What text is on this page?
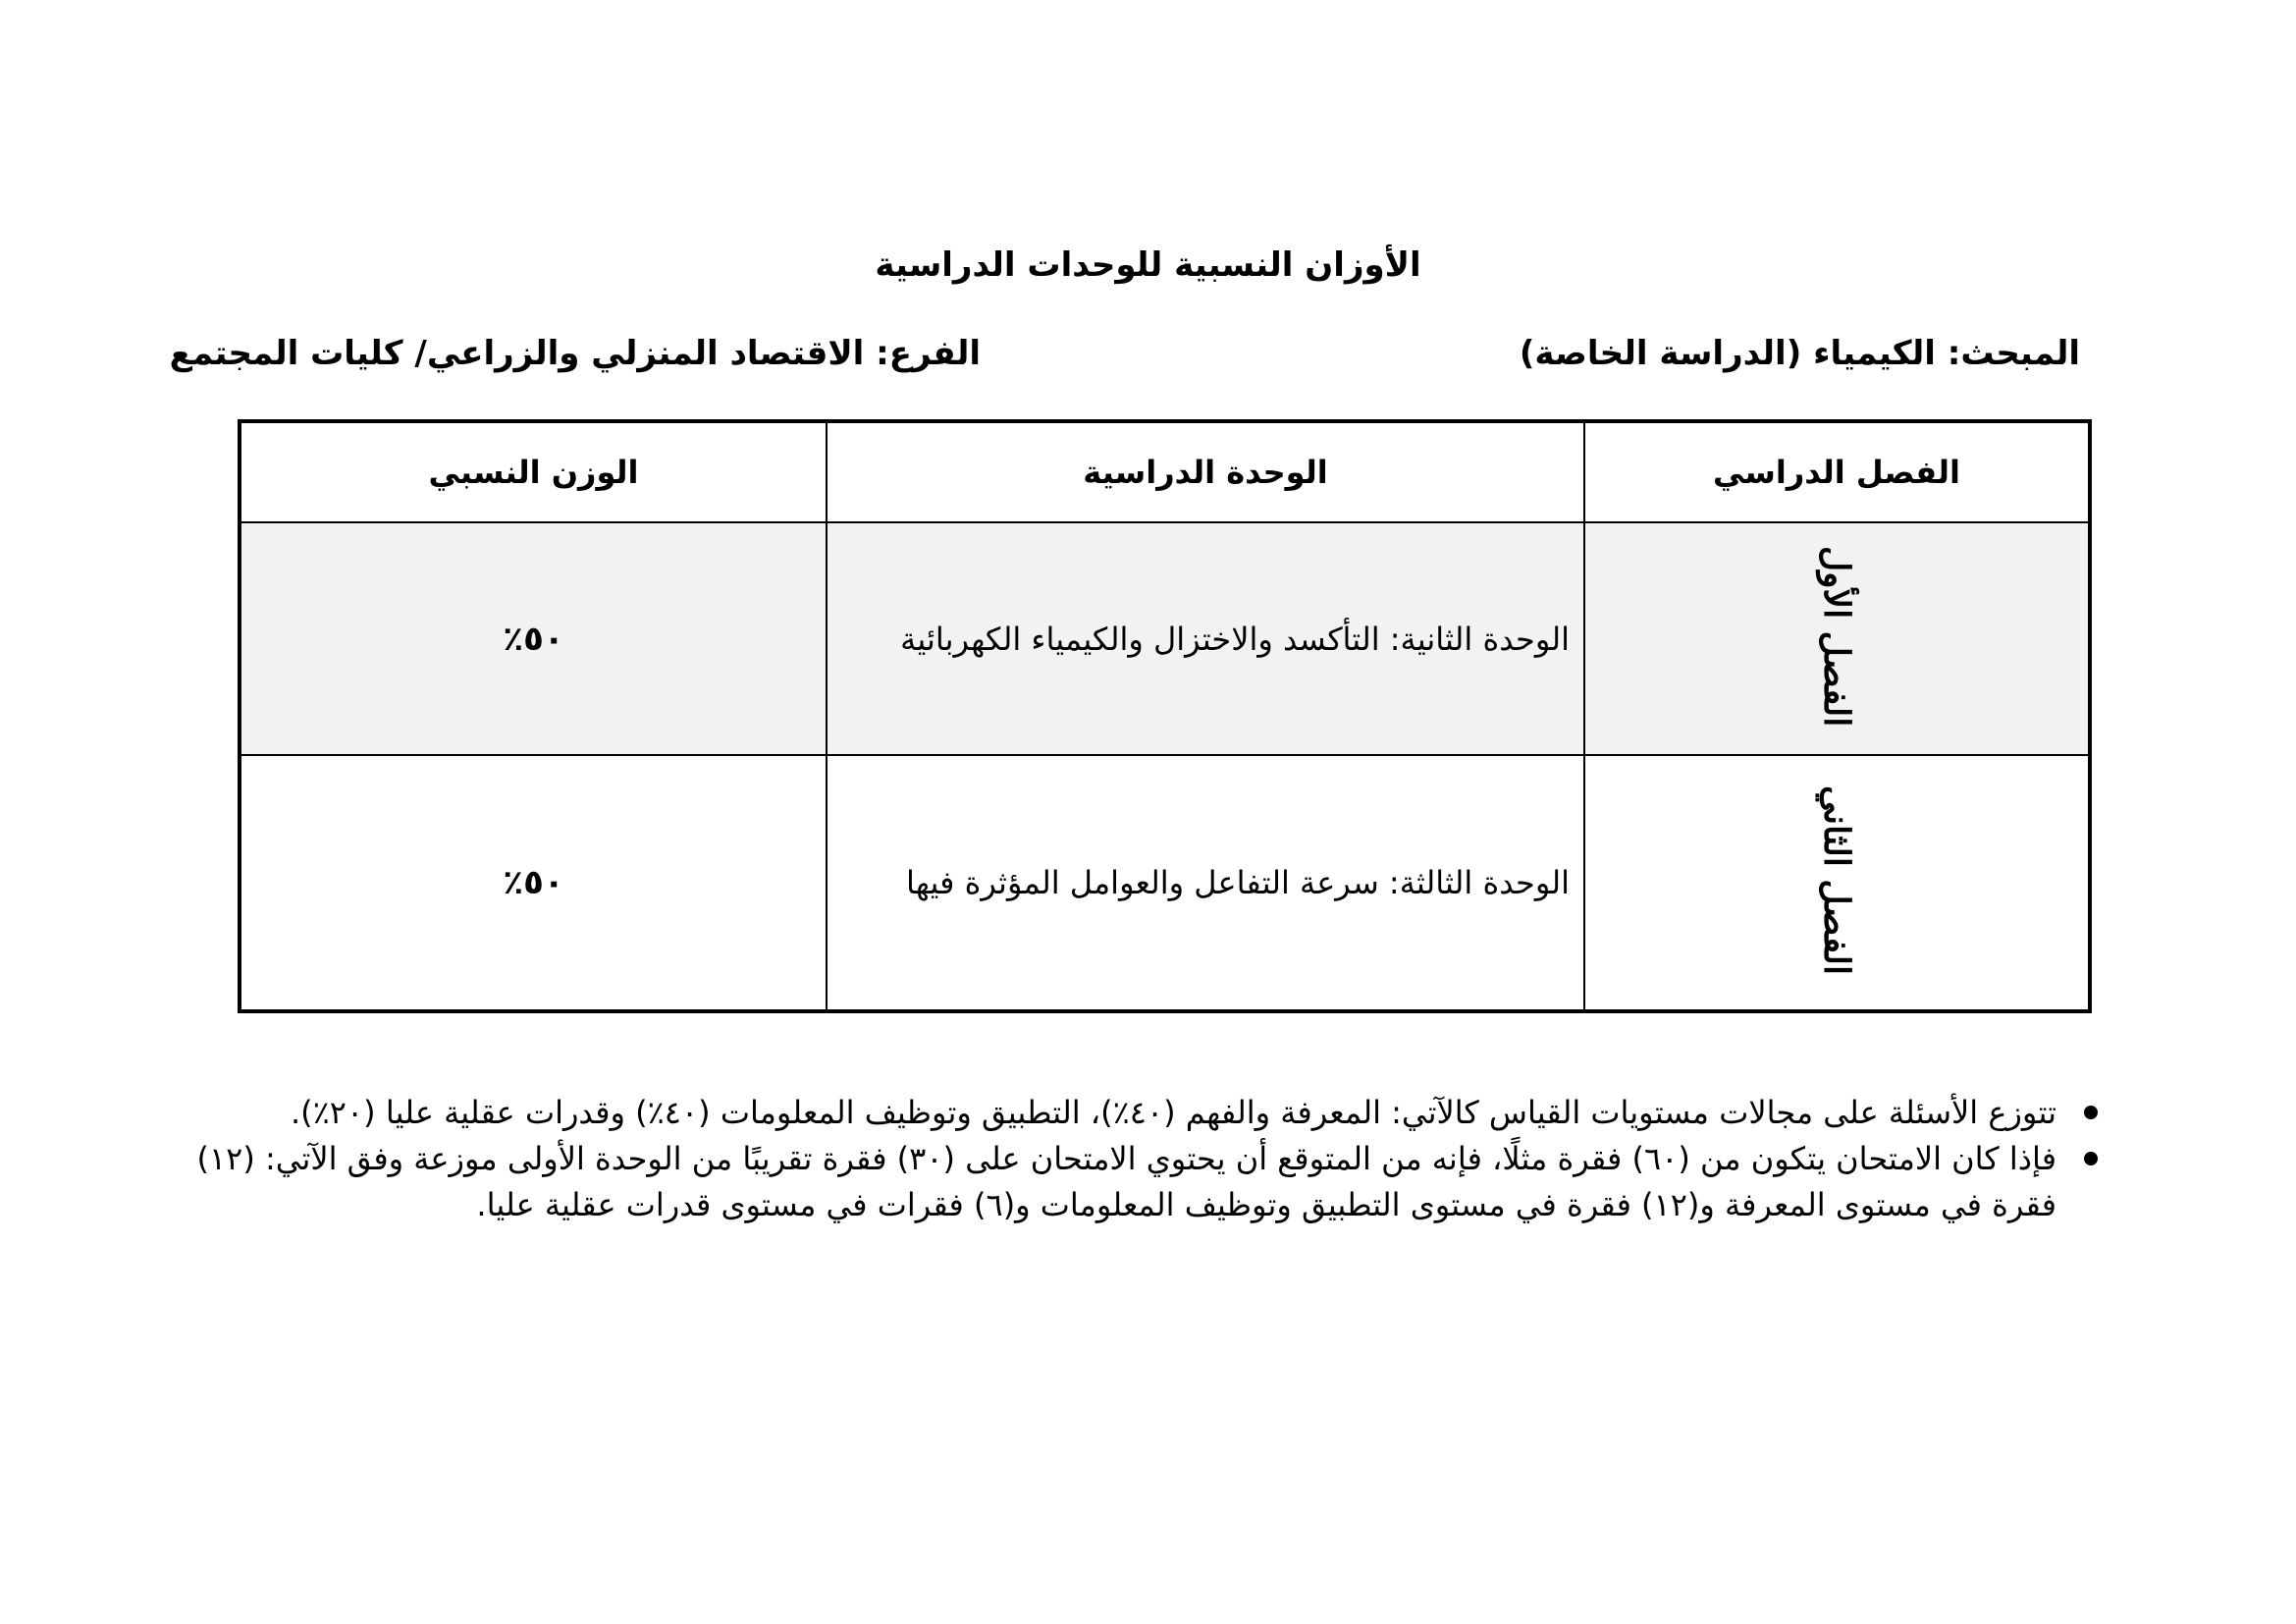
الأوزان النسبية للوحدات الدراسية
المبحث: الكيمياء (الدراسة الخاصة)
الفرع: الاقتصاد المنزلي والزراعي/ كليات المجتمع
الفصل الدراسي	الوحدة الدراسية	الوزن النسبي
الفصل الأول	الوحدة الثانية: التأكسد والاختزال والكيمياء الكهربائية	٥٠٪
الفصل الثاني	الوحدة الثالثة: سرعة التفاعل والعوامل المؤثرة فيها	٥٠٪
تتوزع الأسئلة على مجالات مستويات القياس كالآتي: المعرفة والفهم (٤٠٪)، التطبيق وتوظيف المعلومات (٤٠٪) وقدرات عقلية عليا (٢٠٪).
فإذا كان الامتحان يتكون من (٦٠) فقرة مثلًا، فإنه من المتوقع أن يحتوي الامتحان على (٣٠) فقرة تقريبًا من الوحدة الأولى موزعة وفق الآتي: (١٢) فقرة في مستوى المعرفة و(١٢) فقرة في مستوى التطبيق وتوظيف المعلومات و(٦) فقرات في مستوى قدرات عقلية عليا.
